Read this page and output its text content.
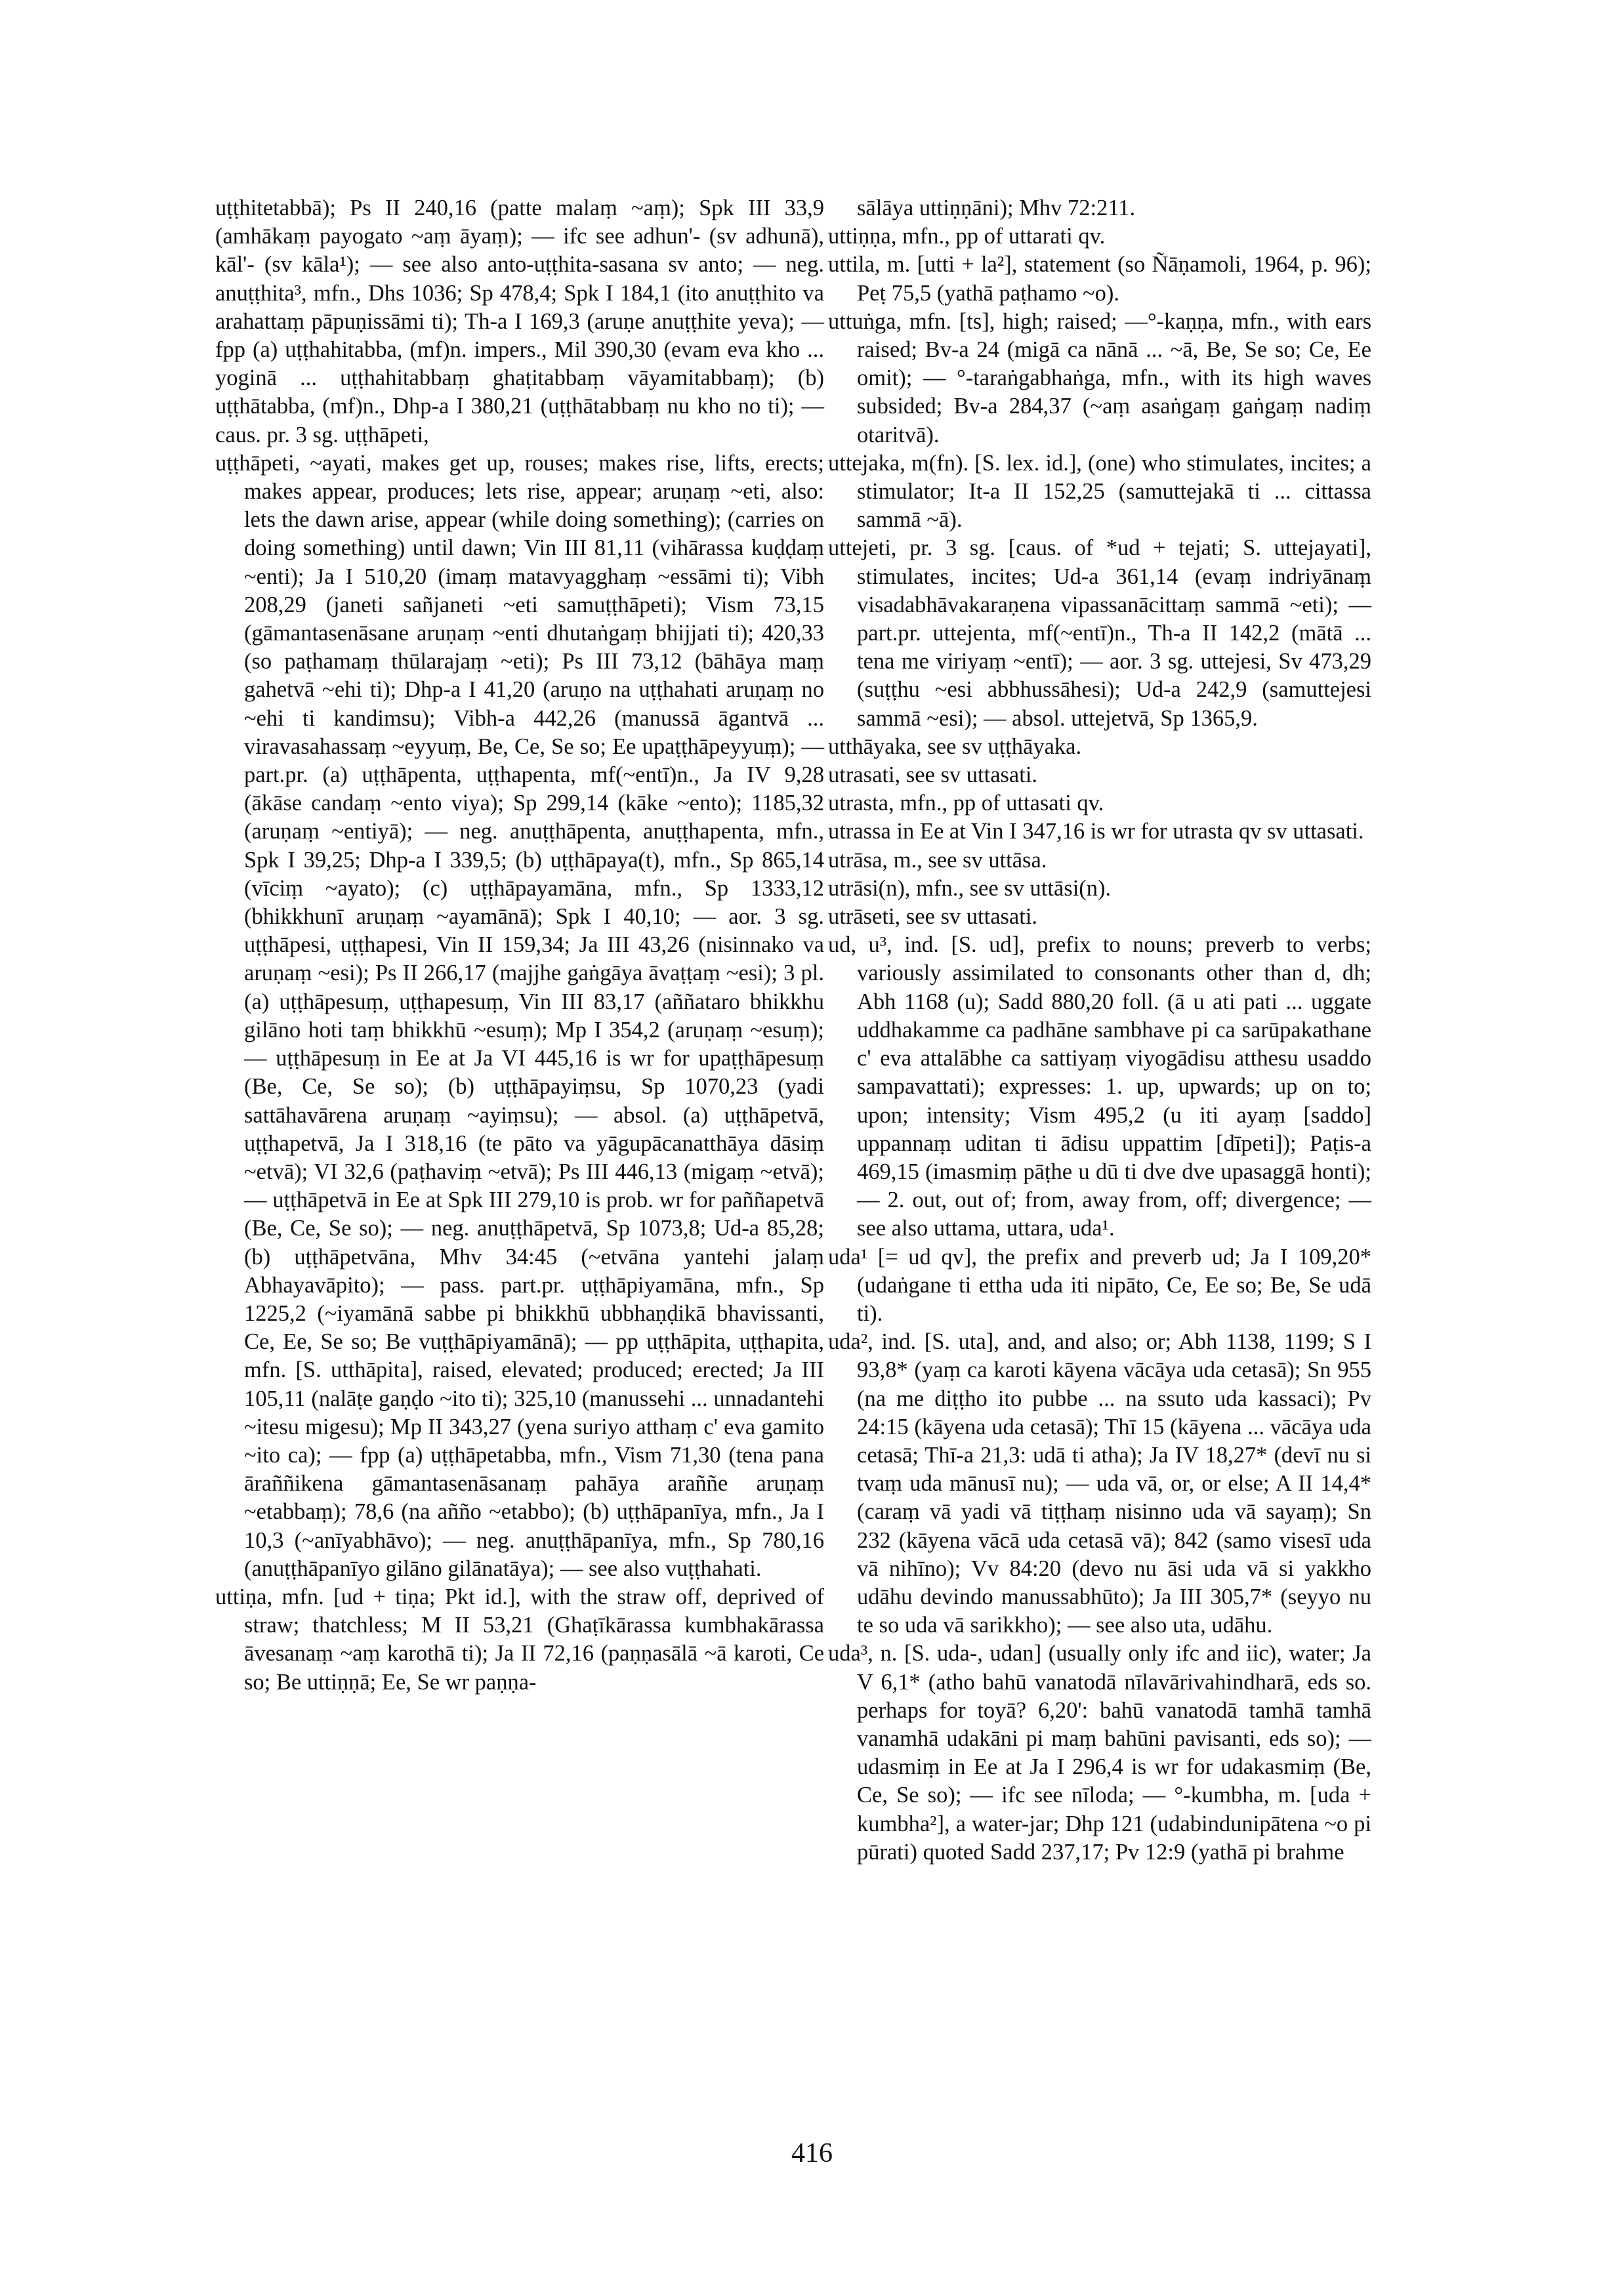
uṭṭhitetabbā); Ps II 240,16 (patte malaṃ ~aṃ); Spk III 33,9 (amhākaṃ payogato ~aṃ āyaṃ); — ifc see adhun'- (sv adhunā), kāl'- (sv kāla¹); — see also anto-uṭṭhita-sasana sv anto; — neg. anuṭṭhita³, mfn., Dhs 1036; Sp 478,4; Spk I 184,1 (ito anuṭṭhito va arahattaṃ pāpuṇissāmi ti); Th-a I 169,3 (aruṇe anuṭṭhite yeva); — fpp (a) uṭṭhahitabba, (mf)n. impers., Mil 390,30 (evam eva kho ... yoginā ... uṭṭhahitabbaṃ ghaṭitabbaṃ vāyamitabbaṃ); (b) uṭṭhātabba, (mf)n., Dhp-a I 380,21 (uṭṭhātabbaṃ nu kho no ti); — caus. pr. 3 sg. uṭṭhāpeti,

uṭṭhāpeti, ~ayati, makes get up, rouses; makes rise, lifts, erects; makes appear, produces; lets rise, appear; aruṇaṃ ~eti, also: lets the dawn arise, appear (while doing something); (carries on doing something) until dawn; Vin III 81,11 (vihārassa kuḍḍaṃ ~enti); Ja I 510,20 (imaṃ matavyagghaṃ ~essāmi ti); Vibh 208,29 (janeti sañjaneti ~eti samuṭṭhāpeti); Vism 73,15 (gāmantasenāsane aruṇaṃ ~enti dhutaṅgaṃ bhijjati ti); 420,33 (so paṭhamaṃ thūlarajaṃ ~eti); Ps III 73,12 (bāhāya maṃ gahetvā ~ehi ti); Dhp-a I 41,20 (aruṇo na uṭṭhahati aruṇaṃ no ~ehi ti kandimsu); Vibh-a 442,26 (manussā āgantvā ... viravasahassaṃ ~eyyuṃ, Be, Ce, Se so; Ee upaṭṭhāpeyyuṃ); — part.pr. (a) uṭṭhāpenta, uṭṭhapenta, mf(~entī)n., Ja IV 9,28 (ākāse candaṃ ~ento viya); Sp 299,14 (kāke ~ento); 1185,32 (aruṇaṃ ~entiyā); — neg. anuṭṭhāpenta, anuṭṭhapenta, mfn., Spk I 39,25; Dhp-a I 339,5; (b) uṭṭhāpaya(t), mfn., Sp 865,14 (vīciṃ ~ayato); (c) uṭṭhāpayamāna, mfn., Sp 1333,12 (bhikkhunī aruṇaṃ ~ayamānā); Spk I 40,10; — aor. 3 sg. uṭṭhāpesi, uṭṭhapesi, Vin II 159,34; Ja III 43,26 (nisinnako va aruṇaṃ ~esi); Ps II 266,17 (majjhe gaṅgāya āvaṭṭaṃ ~esi); 3 pl. (a) uṭṭhāpesuṃ, uṭṭhapesuṃ, Vin III 83,17 (aññataro bhikkhu gilāno hoti taṃ bhikkhū ~esuṃ); Mp I 354,2 (aruṇaṃ ~esuṃ); — uṭṭhāpesuṃ in Ee at Ja VI 445,16 is wr for upaṭṭhāpesuṃ (Be, Ce, Se so); (b) uṭṭhāpayiṃsu, Sp 1070,23 (yadi sattāhavārena aruṇaṃ ~ayiṃsu); — absol. (a) uṭṭhāpetvā, uṭṭhapetvā, Ja I 318,16 (te pāto va yāgupācanatthāya dāsiṃ ~etvā); VI 32,6 (paṭhaviṃ ~etvā); Ps III 446,13 (migaṃ ~etvā); — uṭṭhāpetvā in Ee at Spk III 279,10 is prob. wr for paññapetvā (Be, Ce, Se so); — neg. anuṭṭhāpetvā, Sp 1073,8; Ud-a 85,28; (b) uṭṭhāpetvāna, Mhv 34:45 (~etvāna yantehi jalaṃ Abhayavāpito); — pass. part.pr. uṭṭhāpiyamāna, mfn., Sp 1225,2 (~iyamānā sabbe pi bhikkhū ubbhaṇḍikā bhavissanti, Ce, Ee, Se so; Be vuṭṭhāpiyamānā); — pp uṭṭhāpita, uṭṭhapita, mfn. [S. utthāpita], raised, elevated; produced; erected; Ja III 105,11 (nalāṭe gaṇḍo ~ito ti); 325,10 (manussehi ... unnadantehi ~itesu migesu); Mp II 343,27 (yena suriyo atthaṃ c' eva gamito ~ito ca); — fpp (a) uṭṭhāpetabba, mfn., Vism 71,30 (tena pana āraññikena gāmantasenāsanaṃ pahāya araññe aruṇaṃ ~etabbaṃ); 78,6 (na añño ~etabbo); (b) uṭṭhāpanīya, mfn., Ja I 10,3 (~anīyabhāvo); — neg. anuṭṭhāpanīya, mfn., Sp 780,16 (anuṭṭhāpanīyo gilāno gilānatāya); — see also vuṭṭhahati.

uttiṇa, mfn. [ud + tiṇa; Pkt id.], with the straw off, deprived of straw; thatchless; M II 53,21 (Ghaṭīkārassa kumbhakārassa āvesanaṃ ~aṃ karothā ti); Ja II 72,16 (paṇṇasālā ~ā karoti, Ce so; Be uttiṇṇā; Ee, Se wr paṇṇa-

sālāya uttiṇṇāni); Mhv 72:211.

uttiṇṇa, mfn., pp of uttarati qv.

uttila, m. [utti + la²], statement (so Ñāṇamoli, 1964, p. 96); Peṭ 75,5 (yathā paṭhamo ~o).

uttuṅga, mfn. [ts], high; raised; —°-kaṇṇa, mfn., with ears raised; Bv-a 24 (migā ca nānā ... ~ā, Be, Se so; Ce, Ee omit); — °-taraṅgabhaṅga, mfn., with its high waves subsided; Bv-a 284,37 (~aṃ asaṅgaṃ gaṅgaṃ nadiṃ otaritvā).

uttejaka, m(fn). [S. lex. id.], (one) who stimulates, incites; a stimulator; It-a II 152,25 (samuttejakā ti ... cittassa sammā ~ā).

uttejeti, pr. 3 sg. [caus. of *ud + tejati; S. uttejayati], stimulates, incites; Ud-a 361,14 (evaṃ indriyānaṃ visadabhāvakaraṇena vipassanācittaṃ sammā ~eti); — part.pr. uttejenta, mf(~entī)n., Th-a II 142,2 (mātā ... tena me viriyaṃ ~entī); — aor. 3 sg. uttejesi, Sv 473,29 (suṭṭhu ~esi abbhussāhesi); Ud-a 242,9 (samuttejesi sammā ~esi); — absol. uttejetvā, Sp 1365,9.

utthāyaka, see sv uṭṭhāyaka.

utrasati, see sv uttasati.

utrasta, mfn., pp of uttasati qv.

utrassa in Ee at Vin I 347,16 is wr for utrasta qv sv uttasati.

utrāsa, m., see sv uttāsa.

utrāsi(n), mfn., see sv uttāsi(n).

utrāseti, see sv uttasati.

ud, u³, ind. [S. ud], prefix to nouns; preverb to verbs; variously assimilated to consonants other than d, dh; Abh 1168 (u); Sadd 880,20 foll. (ā u ati pati ... uggate uddhakamme ca padhāne sambhave pi ca sarūpakathane c' eva attalābhe ca sattiyaṃ viyogādisu atthesu usaddo sampavattati); expresses: 1. up, upwards; up on to; upon; intensity; Vism 495,2 (u iti ayaṃ [saddo] uppannaṃ uditan ti ādisu uppattim [dīpeti]); Paṭis-a 469,15 (imasmiṃ pāṭhe u dū ti dve dve upasaggā honti); — 2. out, out of; from, away from, off; divergence; — see also uttama, uttara, uda¹.

uda¹ [= ud qv], the prefix and preverb ud; Ja I 109,20* (udaṅgane ti ettha uda iti nipāto, Ce, Ee so; Be, Se udā ti).

uda², ind. [S. uta], and, and also; or; Abh 1138, 1199; S I 93,8* (yaṃ ca karoti kāyena vācāya uda cetasā); Sn 955 (na me diṭṭho ito pubbe ... na ssuto uda kassaci); Pv 24:15 (kāyena uda cetasā); Thī 15 (kāyena ... vācāya uda cetasā; Thī-a 21,3: udā ti atha); Ja IV 18,27* (devī nu si tvaṃ uda mānusī nu); — uda vā, or, or else; A II 14,4* (caraṃ vā yadi vā tiṭṭhaṃ nisinno uda vā sayaṃ); Sn 232 (kāyena vācā uda cetasā vā); 842 (samo visesī uda vā nihīno); Vv 84:20 (devo nu āsi uda vā si yakkho udāhu devindo manussabhūto); Ja III 305,7* (seyyo nu te so uda vā sarikkho); — see also uta, udāhu.

uda³, n. [S. uda-, udan] (usually only ifc and iic), water; Ja V 6,1* (atho bahū vanatodā nīlavārivahindharā, eds so. perhaps for toyā? 6,20': bahū vanatodā tamhā tamhā vanamhā udakāni pi maṃ bahūni pavisanti, eds so); — udasmiṃ in Ee at Ja I 296,4 is wr for udakasmiṃ (Be, Ce, Se so); — ifc see nīloda; — °-kumbha, m. [uda + kumbha²], a water-jar; Dhp 121 (udabindunipātena ~o pi pūrati) quoted Sadd 237,17; Pv 12:9 (yathā pi brahme

416
